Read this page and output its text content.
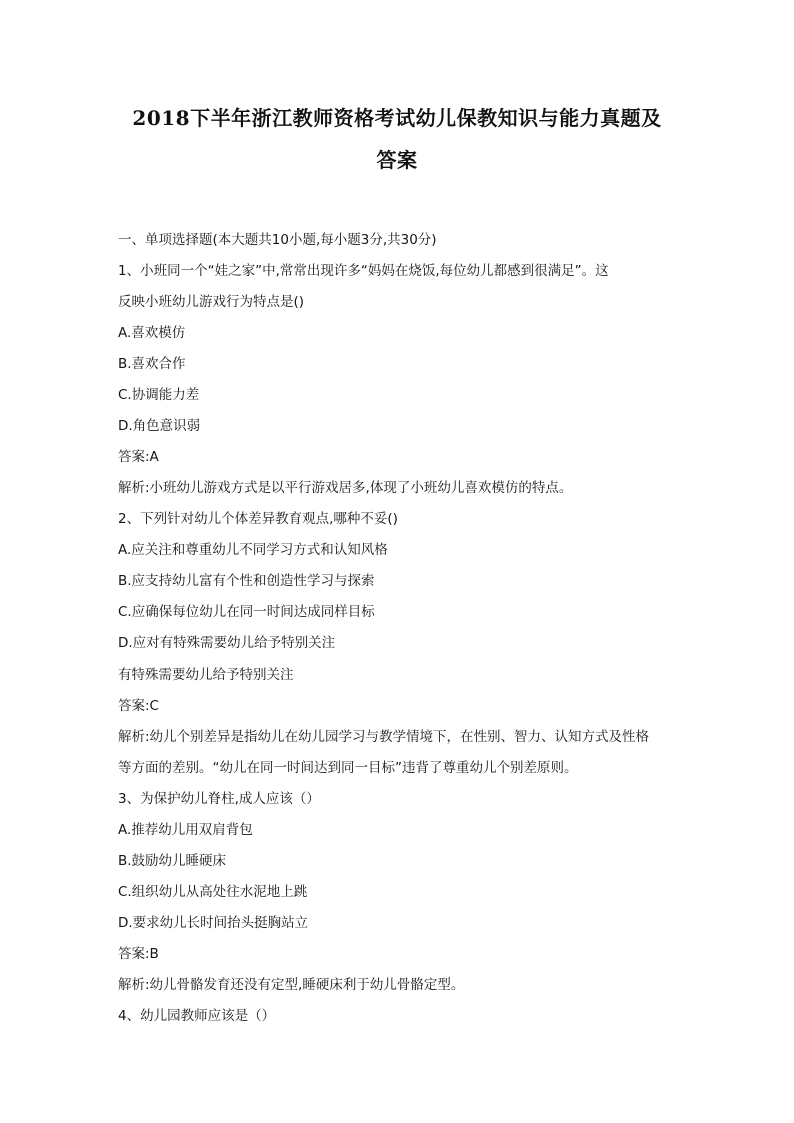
2018下半年浙江教师资格考试幼儿保教知识与能力真题及
答案
一、单项选择题(本大题共10小题,每小题3分,共30分)
1、小班同一个“娃之家”中,常常出现许多“妈妈在烧饭,每位幼儿都感到很满足”。这
反映小班幼儿游戏行为特点是()
A.喜欢模仿
B.喜欢合作
C.协调能力差
D.角色意识弱
答案:A
解析:小班幼儿游戏方式是以平行游戏居多,体现了小班幼儿喜欢模仿的特点。
2、下列针对幼儿个体差异教育观点,哪种不妥()
A.应关注和尊重幼儿不同学习方式和认知风格
B.应支持幼儿富有个性和创造性学习与探索
C.应确保每位幼儿在同一时间达成同样目标
D.应对有特殊需要幼儿给予特别关注
有特殊需要幼儿给予特别关注
答案:C
解析:幼儿个别差异是指幼儿在幼儿园学习与教学情境下，在性别、智力、认知方式及性格
等方面的差别。“幼儿在同一时间达到同一目标”违背了尊重幼儿个别差原则。
3、为保护幼儿脊柱,成人应该（）
A.推荐幼儿用双肩背包
B.鼓励幼儿睡硬床
C.组织幼儿从高处往水泥地上跳
D.要求幼儿长时间抬头挺胸站立
答案:B
解析:幼儿骨骼发育还没有定型,睡硬床利于幼儿骨骼定型。
4、幼儿园教师应该是（）
